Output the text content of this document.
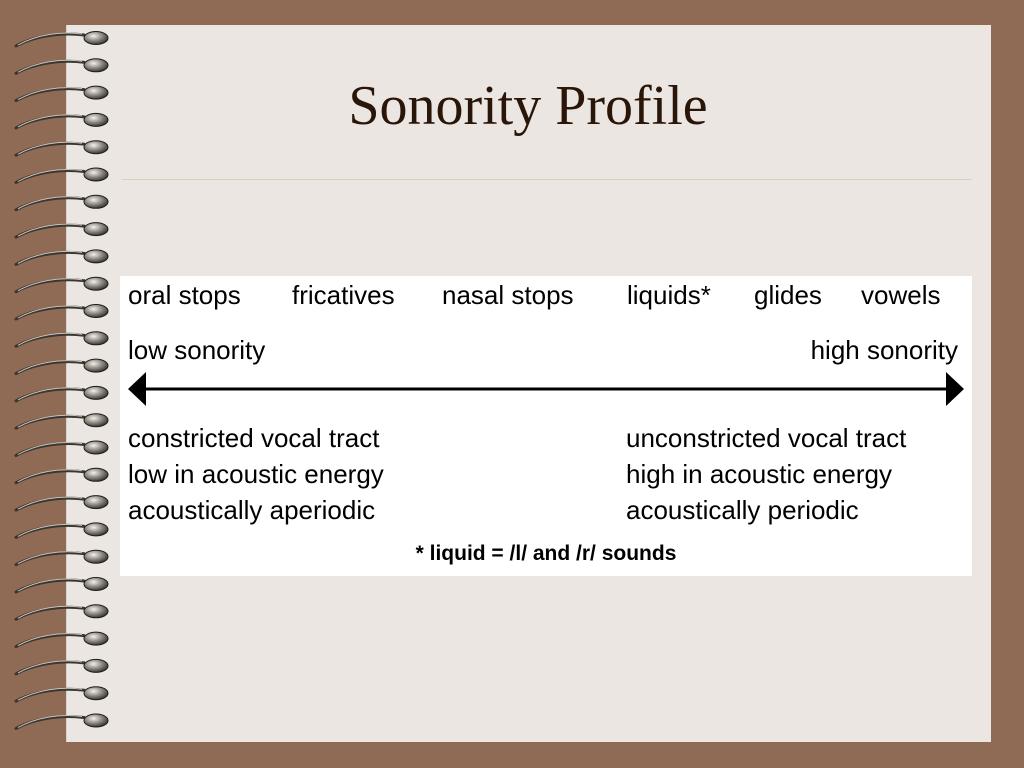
Sonority Profile
oral stops fricatives nasal stops liquids* glides vowels
low sonority	high sonority
constricted vocal tract
low in acoustic energy
acoustically aperiodic
unconstricted vocal tract
high in acoustic energy
acoustically periodic
* liquid = /l/ and /r/ sounds
